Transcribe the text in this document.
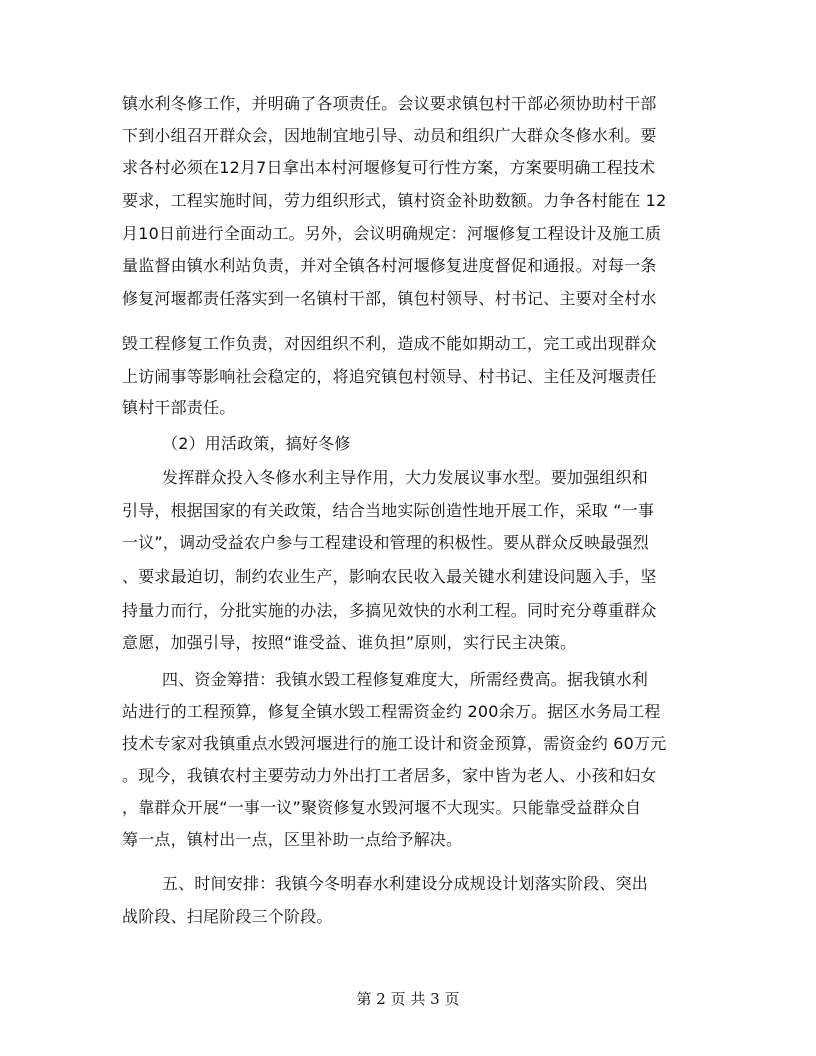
镇水利冬修工作，并明确了各项责任。会议要求镇包村干部必须协助村干部
下到小组召开群众会，因地制宜地引导、动员和组织广大群众冬修水利。要
求各村必须在12月7日拿出本村河堰修复可行性方案，方案要明确工程技术
要求，工程实施时间，劳力组织形式，镇村资金补助数额。力争各村能在 12
月10日前进行全面动工。另外，会议明确规定：河堰修复工程设计及施工质
量监督由镇水利站负责，并对全镇各村河堰修复进度督促和通报。对每一条
修复河堰都责任落实到一名镇村干部，镇包村领导、村书记、主要对全村水
毁工程修复工作负责，对因组织不利，造成不能如期动工，完工或出现群众
上访闹事等影响社会稳定的，将追究镇包村领导、村书记、主任及河堰责任
镇村干部责任。
（2）用活政策，搞好冬修
发挥群众投入冬修水利主导作用，大力发展议事水型。要加强组织和
引导，根据国家的有关政策，结合当地实际创造性地开展工作，采取 “一事
一议”，调动受益农户参与工程建设和管理的积极性。要从群众反映最强烈
、要求最迫切，制约农业生产，影响农民收入最关键水利建设问题入手，坚
持量力而行，分批实施的办法，多搞见效快的水利工程。同时充分尊重群众
意愿，加强引导，按照“谁受益、谁负担”原则，实行民主决策。
四、资金筹措：我镇水毁工程修复难度大，所需经费高。据我镇水利
站进行的工程预算，修复全镇水毁工程需资金约 200余万。据区水务局工程
技术专家对我镇重点水毁河堰进行的施工设计和资金预算，需资金约 60万元
。现今，我镇农村主要劳动力外出打工者居多，家中皆为老人、小孩和妇女
，靠群众开展“一事一议”聚资修复水毁河堰不大现实。只能靠受益群众自
筹一点，镇村出一点，区里补助一点给予解决。
五、时间安排：我镇今冬明春水利建设分成规设计划落实阶段、突出
战阶段、扫尾阶段三个阶段。
第 2 页 共 3 页
